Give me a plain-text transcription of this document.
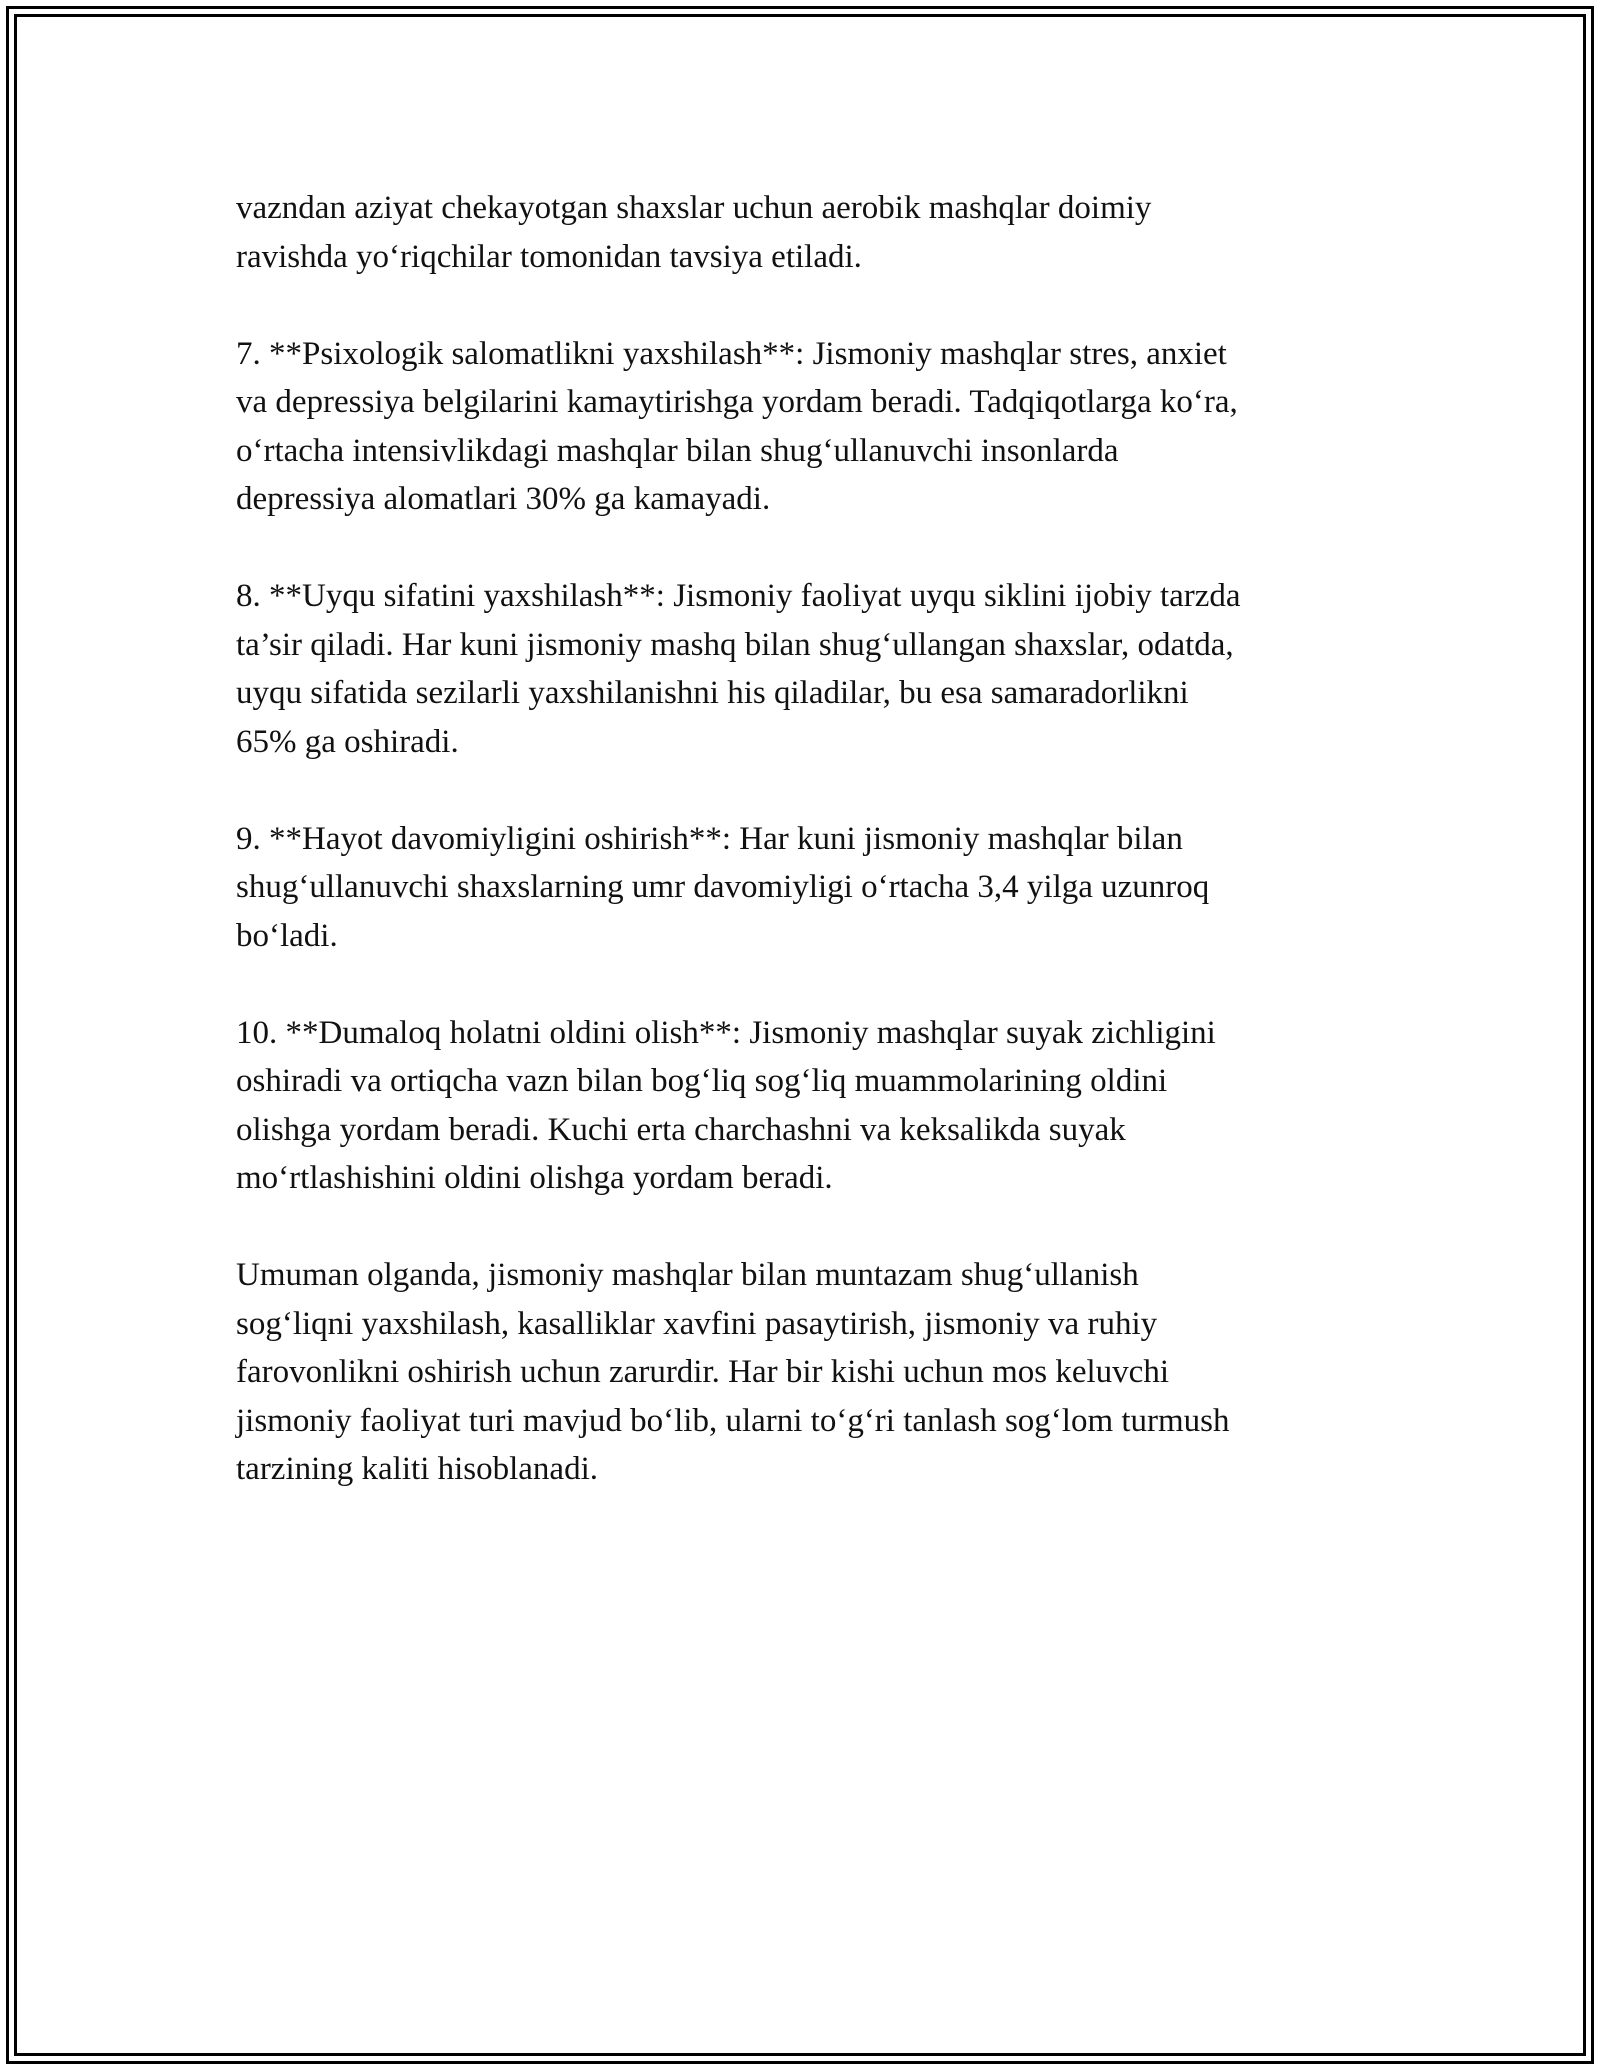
vazndan aziyat chekayotgan shaxslar uchun aerobik mashqlar doimiy
ravishda yo‘riqchilar tomonidan tavsiya etiladi.

7. **Psixologik salomatlikni yaxshilash**: Jismoniy mashqlar stres, anxiet
va depressiya belgilarini kamaytirishga yordam beradi. Tadqiqotlarga ko‘ra,
o‘rtacha intensivlikdagi mashqlar bilan shug‘ullanuvchi insonlarda
depressiya alomatlari 30% ga kamayadi.

8. **Uyqu sifatini yaxshilash**: Jismoniy faoliyat uyqu siklini ijobiy tarzda
ta’sir qiladi. Har kuni jismoniy mashq bilan shug‘ullangan shaxslar, odatda,
uyqu sifatida sezilarli yaxshilanishni his qiladilar, bu esa samaradorlikni
65% ga oshiradi.

9. **Hayot davomiyligini oshirish**: Har kuni jismoniy mashqlar bilan
shug‘ullanuvchi shaxslarning umr davomiyligi o‘rtacha 3,4 yilga uzunroq
bo‘ladi.

10. **Dumaloq holatni oldini olish**: Jismoniy mashqlar suyak zichligini
oshiradi va ortiqcha vazn bilan bog‘liq sog‘liq muammolarining oldini
olishga yordam beradi. Kuchi erta charchashni va keksalikda suyak
mo‘rtlashishini oldini olishga yordam beradi.

Umuman olganda, jismoniy mashqlar bilan muntazam shug‘ullanish
sog‘liqni yaxshilash, kasalliklar xavfini pasaytirish, jismoniy va ruhiy
farovonlikni oshirish uchun zarurdir. Har bir kishi uchun mos keluvchi
jismoniy faoliyat turi mavjud bo‘lib, ularni to‘g‘ri tanlash sog‘lom turmush
tarzining kaliti hisoblanadi.
